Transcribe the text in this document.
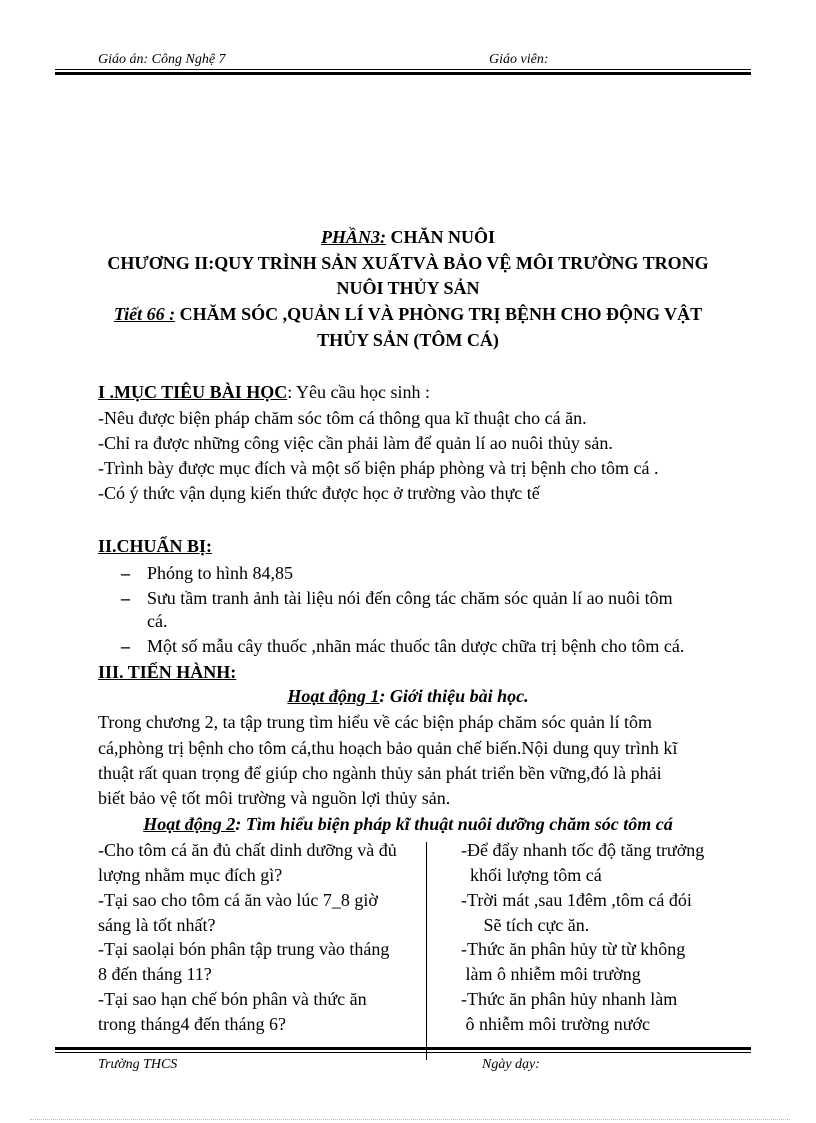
Giáo án: Công Nghệ 7	Giáo viên:
PHẦN3: CHĂN NUÔI
CHƯƠNG II:QUY TRÌNH SẢN XUẤTVÀ BẢO VỆ MÔI TRƯỜNG TRONG
NUÔI THỦY SẢN
Tiết 66 : CHĂM SÓC ,QUẢN LÍ VÀ PHÒNG TRỊ BỆNH CHO ĐỘNG VẬT
THỦY SẢN (TÔM CÁ)
I .MỤC TIÊU BÀI HỌC: Yêu cầu học sinh :
-Nêu được biện pháp chăm sóc tôm cá thông qua kĩ thuật cho cá ăn.
-Chỉ ra được những công việc cần phải làm để quản lí ao nuôi thủy sản.
-Trình bày được mục đích và một số biện pháp phòng và trị bệnh cho tôm cá .
-Có ý thức vận dụng kiến thức được học ở trường vào thực tế
II.CHUẨN BỊ:
– Phóng to hình 84,85
– Sưu tầm tranh ảnh tài liệu nói đến công tác chăm sóc quản lí ao nuôi tôm
cá.
– Một số mẫu cây thuốc ,nhãn mác thuốc tân dược chữa trị bệnh cho tôm cá.
III. TIẾN HÀNH:
Hoạt động 1: Giới thiệu bài học.
Trong chương 2, ta tập trung tìm hiểu về các biện pháp chăm sóc quản lí tôm
cá,phòng trị bệnh cho tôm cá,thu hoạch bảo quản chế biến.Nội dung quy trình kĩ
thuật rất quan trọng để giúp cho ngành thủy sản phát triển bền vững,đó là phải
biết bảo vệ tốt môi trường và nguồn lợi thủy sản.
Hoạt động 2: Tìm hiểu biện pháp kĩ thuật nuôi dưỡng chăm sóc tôm cá
-Cho tôm cá ăn đủ chất dinh dưỡng và đủ
lượng nhằm mục đích gì?
-Tại sao cho tôm cá ăn vào lúc 7_8 giờ
sáng là tốt nhất?
-Tại saolại bón phân tập trung vào tháng
8 đến tháng 11?
-Tại sao hạn chế bón phân và thức ăn
trong tháng4 đến tháng 6?
-Để đẩy nhanh tốc độ tăng trưởng
khối lượng tôm cá
-Trời mát ,sau 1đêm ,tôm cá đói
Sẽ tích cực ăn.
-Thức ăn phân hủy từ từ không
làm ô nhiễm môi trường
-Thức ăn phân hủy nhanh làm
ô nhiễm môi trường nước
Trường THCS	Ngày dạy:
